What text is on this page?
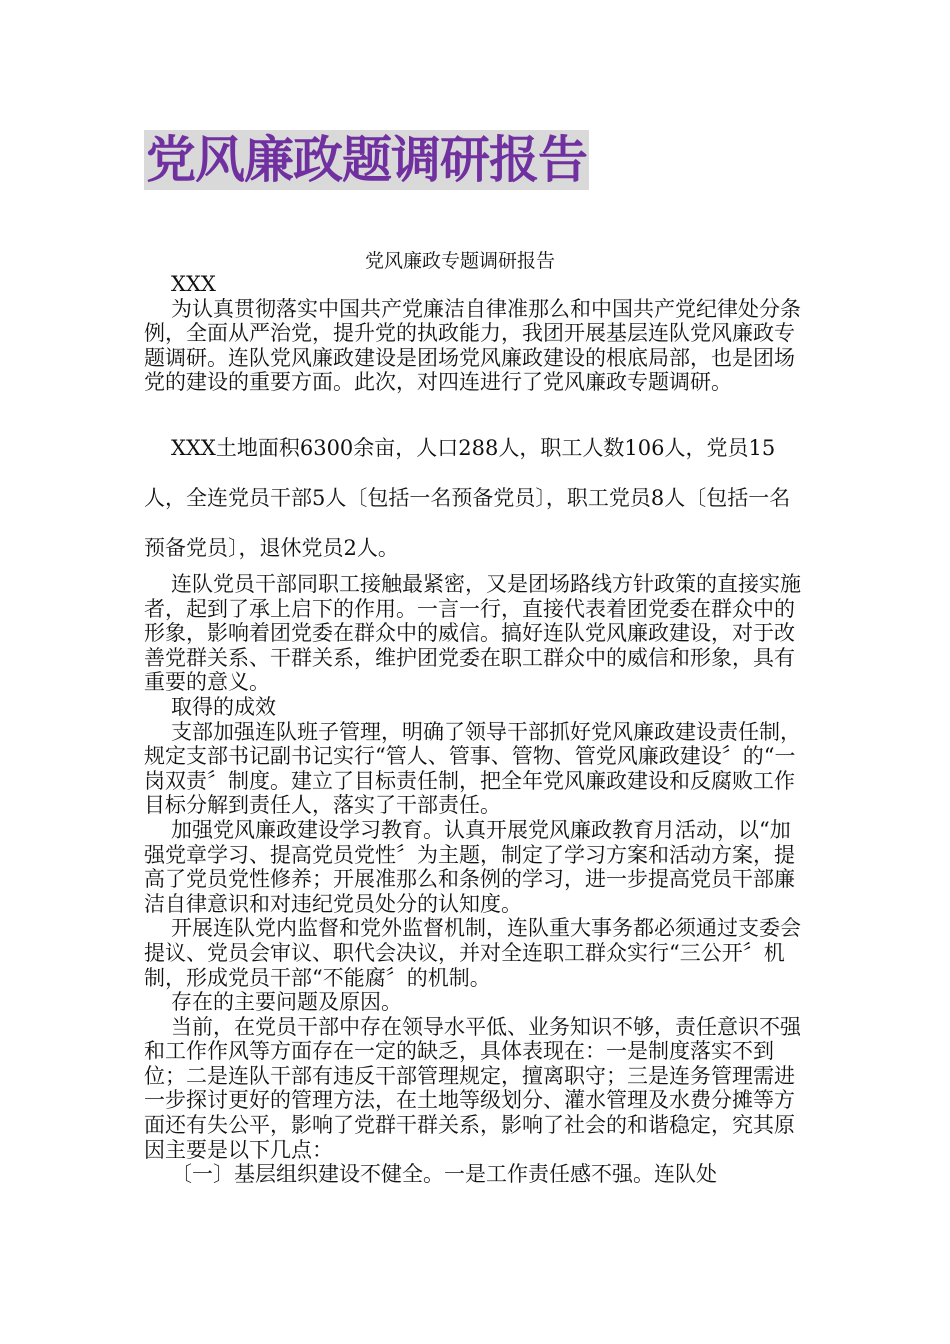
党风廉政题调研报告
党风廉政专题调研报告

XXX

为认真贯彻落实中国共产党廉洁自律准那么和中国共产党纪律处分条例，全面从严治党，提升党的执政能力，我团开展基层连队党风廉政专题调研。连队党风廉政建设是团场党风廉政建设的根底局部，也是团场党的建设的重要方面。此次，对四连进行了党风廉政专题调研。

XXX土地面积6300余亩，人口288人，职工人数106人，党员15人，全连党员干部5人〔包括一名预备党员〕，职工党员8人〔包括一名预备党员〕，退休党员2人。

连队党员干部同职工接触最紧密，又是团场路线方针政策的直接实施者，起到了承上启下的作用。一言一行，直接代表着团党委在群众中的形象，影响着团党委在群众中的威信。搞好连队党风廉政建设，对于改善党群关系、干群关系，维护团党委在职工群众中的威信和形象，具有重要的意义。

取得的成效

支部加强连队班子管理，明确了领导干部抓好党风廉政建设责任制，规定支部书记副书记实行“管人、管事、管物、管党风廉政建设〞的“一岗双责〞制度。建立了目标责任制，把全年党风廉政建设和反腐败工作目标分解到责任人，落实了干部责任。

加强党风廉政建设学习教育。认真开展党风廉政教育月活动，以“加强党章学习、提高党员党性〞为主题，制定了学习方案和活动方案，提高了党员党性修养；开展准那么和条例的学习，进一步提高党员干部廉洁自律意识和对违纪党员处分的认知度。

开展连队党内监督和党外监督机制，连队重大事务都必须通过支委会提议、党员会审议、职代会决议，并对全连职工群众实行“三公开〞机制，形成党员干部“不能腐〞的机制。

存在的主要问题及原因。

当前，在党员干部中存在领导水平低、业务知识不够，责任意识不强和工作作风等方面存在一定的缺乏，具体表现在：一是制度落实不到位；二是连队干部有违反干部管理规定，擅离职守；三是连务管理需进一步探讨更好的管理方法，在土地等级划分、灌水管理及水费分摊等方面还有失公平，影响了党群干群关系，影响了社会的和谐稳定，究其原因主要是以下几点：

〔一〕基层组织建设不健全。一是工作责任感不强。连队处
